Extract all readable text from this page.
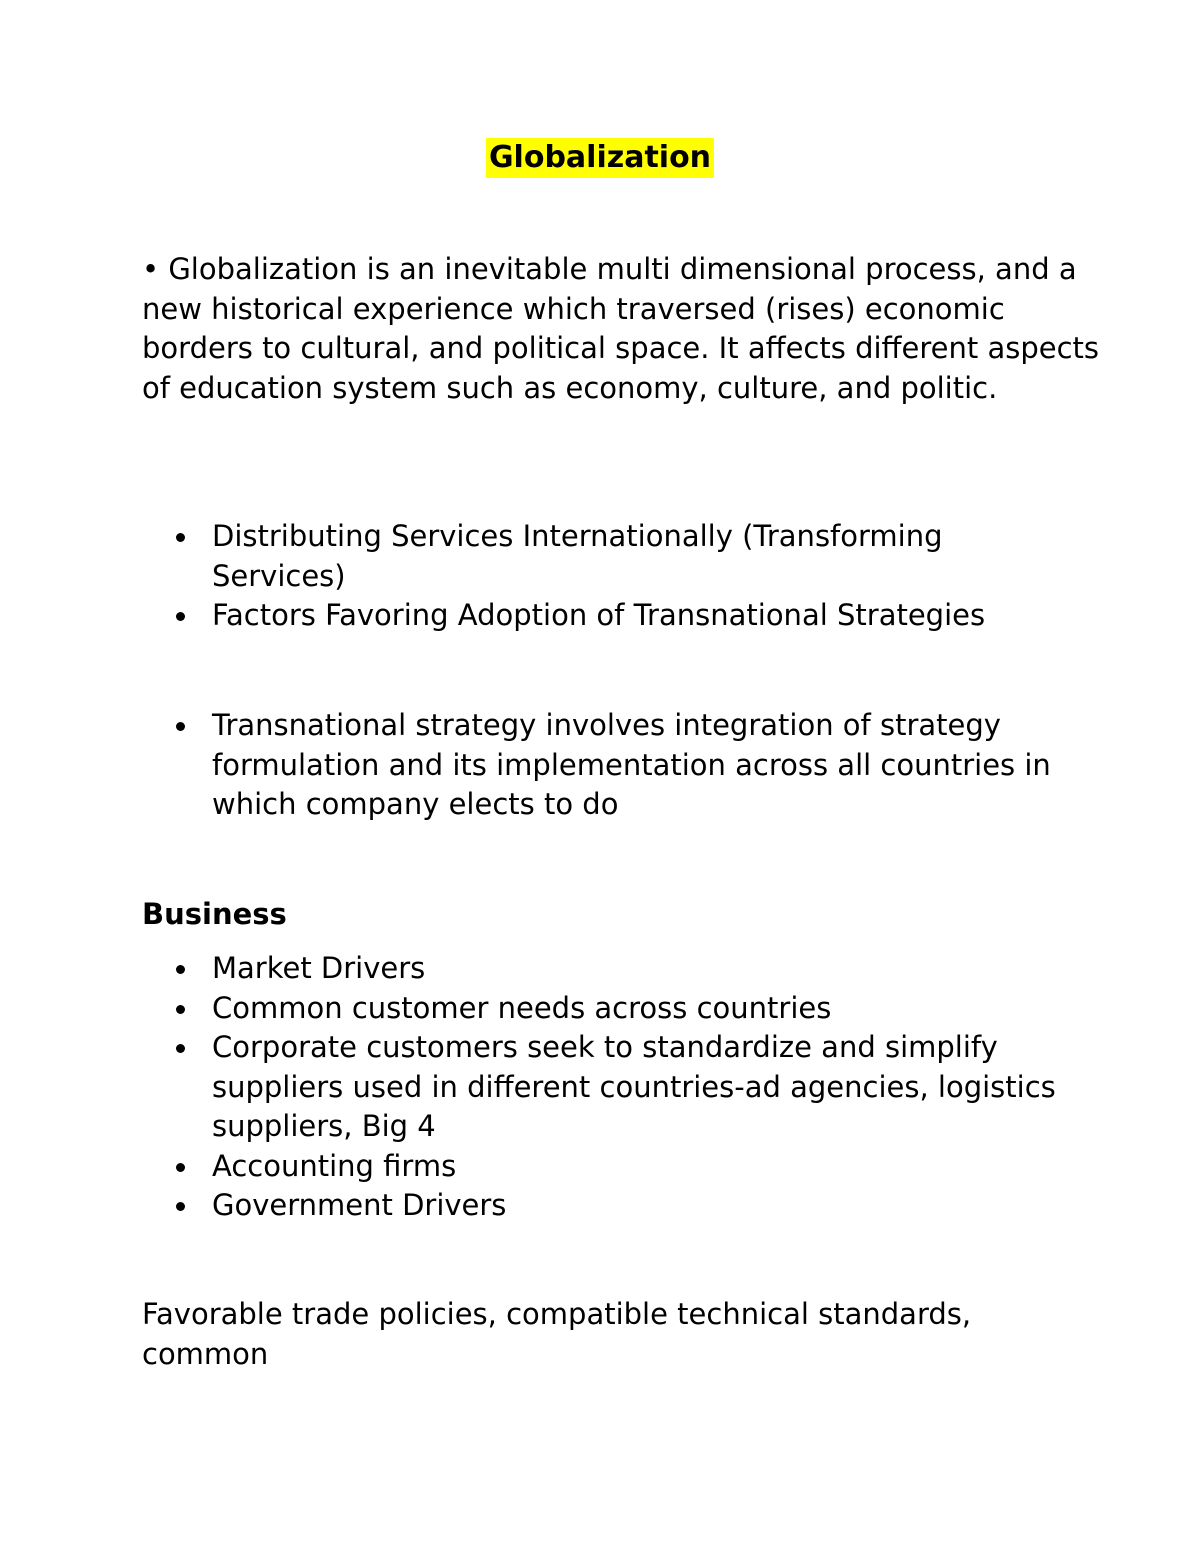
Globalization

• Globalization is an inevitable multi dimensional process, and a new historical experience which traversed (rises) economic borders to cultural, and political space. It affects different aspects of education system such as economy, culture, and politic.

Distributing Services Internationally (Transforming Services)
Factors Favoring Adoption of Transnational Strategies
Transnational strategy involves integration of strategy formulation and its implementation across all countries in which company elects to do
Business
Market Drivers
Common customer needs across countries
Corporate customers seek to standardize and simplify suppliers used in different countries-ad agencies, logistics suppliers, Big 4
Accounting firms
Government Drivers

Favorable trade policies, compatible technical standards, common
